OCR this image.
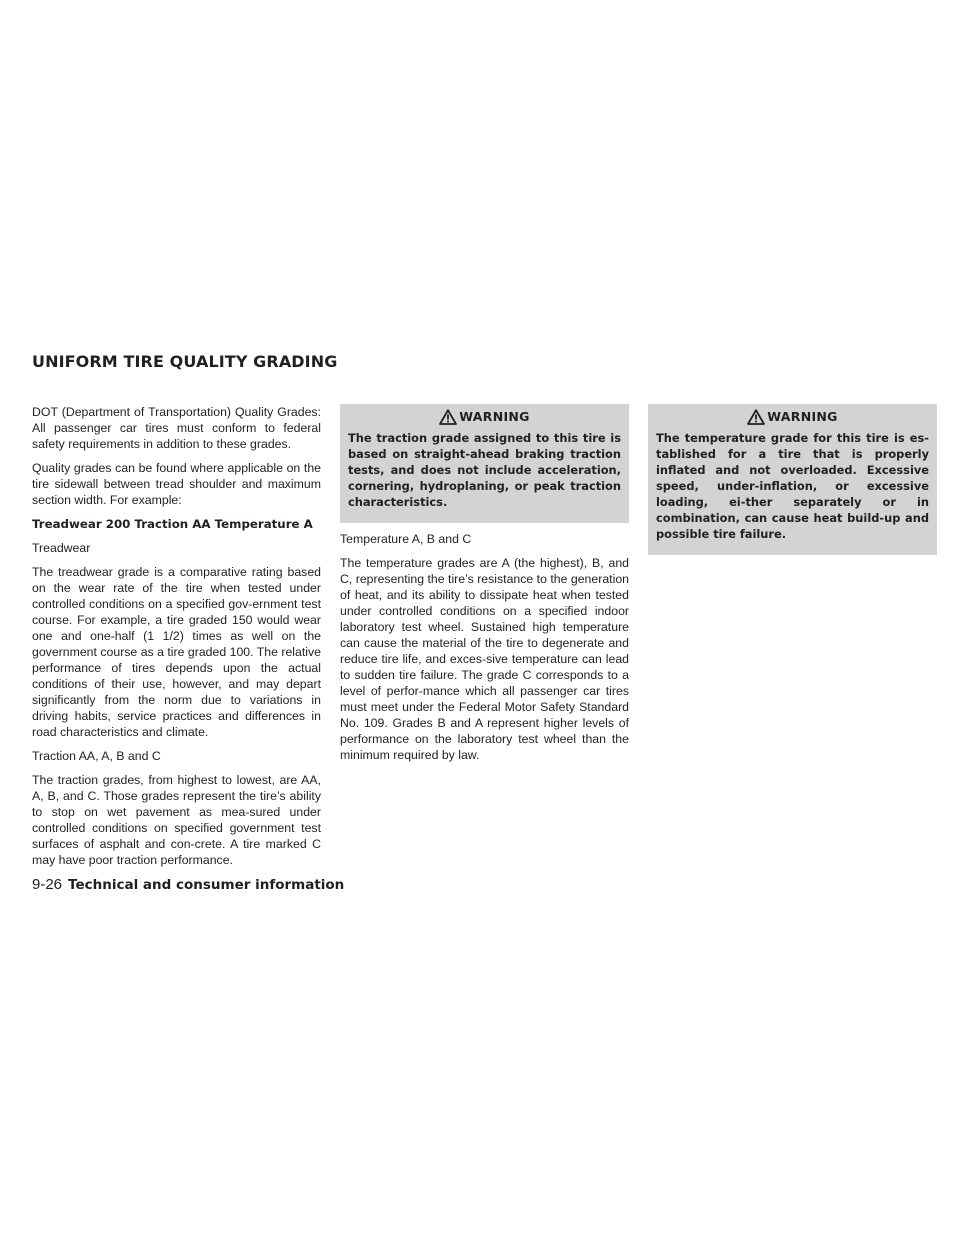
UNIFORM TIRE QUALITY GRADING

DOT (Department of Transportation) Quality Grades: All passenger car tires must conform to federal safety requirements in addition to these grades.

Quality grades can be found where applicable on the tire sidewall between tread shoulder and maximum section width. For example:

Treadwear 200 Traction AA Temperature A

Treadwear

The treadwear grade is a comparative rating based on the wear rate of the tire when tested under controlled conditions on a specified gov-ernment test course. For example, a tire graded 150 would wear one and one-half (1 1/2) times as well on the government course as a tire graded 100. The relative performance of tires depends upon the actual conditions of their use, however, and may depart significantly from the norm due to variations in driving habits, service practices and differences in road characteristics and climate.

Traction AA, A, B and C

The traction grades, from highest to lowest, are AA, A, B, and C. Those grades represent the tire’s ability to stop on wet pavement as mea-sured under controlled conditions on specified government test surfaces of asphalt and con-crete. A tire marked C may have poor traction performance.

WARNING

The traction grade assigned to this tire is based on straight-ahead braking traction tests, and does not include acceleration, cornering, hydroplaning, or peak traction characteristics.

Temperature A, B and C

The temperature grades are A (the highest), B, and C, representing the tire’s resistance to the generation of heat, and its ability to dissipate heat when tested under controlled conditions on a specified indoor laboratory test wheel. Sustained high temperature can cause the material of the tire to degenerate and reduce tire life, and exces-sive temperature can lead to sudden tire failure. The grade C corresponds to a level of perfor-mance which all passenger car tires must meet under the Federal Motor Safety Standard No. 109. Grades B and A represent higher levels of performance on the laboratory test wheel than the minimum required by law.

WARNING

The temperature grade for this tire is es-tablished for a tire that is properly inflated and not overloaded. Excessive speed, under-inflation, or excessive loading, ei-ther separately or in combination, can cause heat build-up and possible tire failure.

9-26 Technical and consumer information
